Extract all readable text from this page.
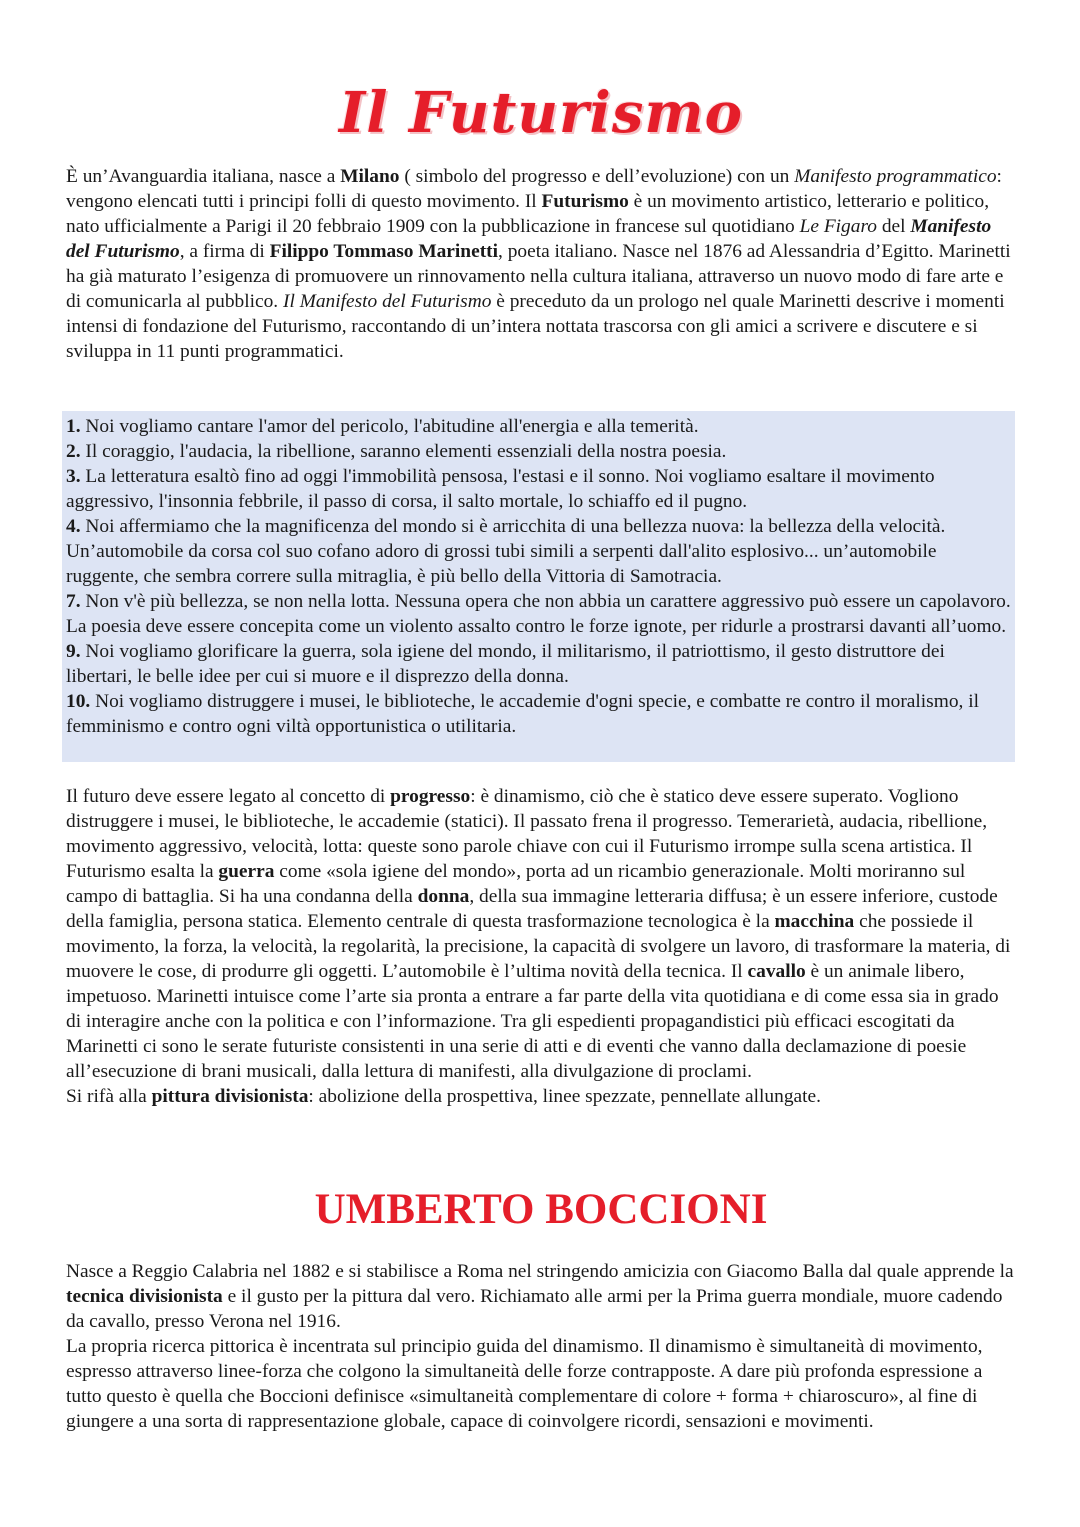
Il Futurismo
È un’Avanguardia italiana, nasce a Milano ( simbolo del progresso e dell’evoluzione) con un Manifesto programmatico: vengono elencati tutti i principi folli di questo movimento. Il Futurismo è un movimento artistico, letterario e politico, nato ufficialmente a Parigi il 20 febbraio 1909 con la pubblicazione in francese sul quotidiano Le Figaro del Manifesto del Futurismo, a firma di Filippo Tommaso Marinetti, poeta italiano. Nasce nel 1876 ad Alessandria d’Egitto. Marinetti ha già maturato l’esigenza di promuovere un rinnovamento nella cultura italiana, attraverso un nuovo modo di fare arte e di comunicarla al pubblico. Il Manifesto del Futurismo è preceduto da un prologo nel quale Marinetti descrive i momenti intensi di fondazione del Futurismo, raccontando di un’intera nottata trascorsa con gli amici a scrivere e discutere e si sviluppa in 11 punti programmatici.
1. Noi vogliamo cantare l'amor del pericolo, l'abitudine all'energia e alla temerità.
2. Il coraggio, l'audacia, la ribellione, saranno elementi essenziali della nostra poesia.
3. La letteratura esaltò fino ad oggi l'immobilità pensosa, l'estasi e il sonno. Noi vogliamo esaltare il movimento aggressivo, l'insonnia febbrile, il passo di corsa, il salto mortale, lo schiaffo ed il pugno.
4. Noi affermiamo che la magnificenza del mondo si è arricchita di una bellezza nuova: la bellezza della velocità. Un’automobile da corsa col suo cofano adoro di grossi tubi simili a serpenti dall'alito esplosivo... un’automobile ruggente, che sembra correre sulla mitraglia, è più bello della Vittoria di Samotracia.
7. Non v'è più bellezza, se non nella lotta. Nessuna opera che non abbia un carattere aggressivo può essere un capolavoro. La poesia deve essere concepita come un violento assalto contro le forze ignote, per ridurle a prostrarsi davanti all’uomo.
9. Noi vogliamo glorificare la guerra, sola igiene del mondo, il militarismo, il patriottismo, il gesto distruttore dei libertari, le belle idee per cui si muore e il disprezzo della donna.
10. Noi vogliamo distruggere i musei, le biblioteche, le accademie d'ogni specie, e combatte re contro il moralismo, il femminismo e contro ogni viltà opportunistica o utilitaria.
Il futuro deve essere legato al concetto di progresso: è dinamismo, ciò che è statico deve essere superato. Vogliono distruggere i musei, le biblioteche, le accademie (statici). Il passato frena il progresso. Temerarietà, audacia, ribellione, movimento aggressivo, velocità, lotta: queste sono parole chiave con cui il Futurismo irrompe sulla scena artistica. Il Futurismo esalta la guerra come «sola igiene del mondo», porta ad un ricambio generazionale. Molti moriranno sul campo di battaglia. Si ha una condanna della donna, della sua immagine letteraria diffusa; è un essere inferiore, custode della famiglia, persona statica. Elemento centrale di questa trasformazione tecnologica è la macchina che possiede il movimento, la forza, la velocità, la regolarità, la precisione, la capacità di svolgere un lavoro, di trasformare la materia, di muovere le cose, di produrre gli oggetti. L’automobile è l’ultima novità della tecnica. Il cavallo è un animale libero, impetuoso. Marinetti intuisce come l’arte sia pronta a entrare a far parte della vita quotidiana e di come essa sia in grado di interagire anche con la politica e con l’informazione. Tra gli espedienti propagandistici più efficaci escogitati da Marinetti ci sono le serate futuriste consistenti in una serie di atti e di eventi che vanno dalla declamazione di poesie all’esecuzione di brani musicali, dalla lettura di manifesti, alla divulgazione di proclami.
Si rifà alla pittura divisionista: abolizione della prospettiva, linee spezzate, pennellate allungate.
UMBERTO BOCCIONI
Nasce a Reggio Calabria nel 1882 e si stabilisce a Roma nel stringendo amicizia con Giacomo Balla dal quale apprende la tecnica divisionista e il gusto per la pittura dal vero. Richiamato alle armi per la Prima guerra mondiale, muore cadendo da cavallo, presso Verona nel 1916.
La propria ricerca pittorica è incentrata sul principio guida del dinamismo. Il dinamismo è simultaneità di movimento, espresso attraverso linee-forza che colgono la simultaneità delle forze contrapposte. A dare più profonda espressione a tutto questo è quella che Boccioni definisce «simultaneità complementare di colore + forma + chiaroscuro», al fine di giungere a una sorta di rappresentazione globale, capace di coinvolgere ricordi, sensazioni e movimenti.
